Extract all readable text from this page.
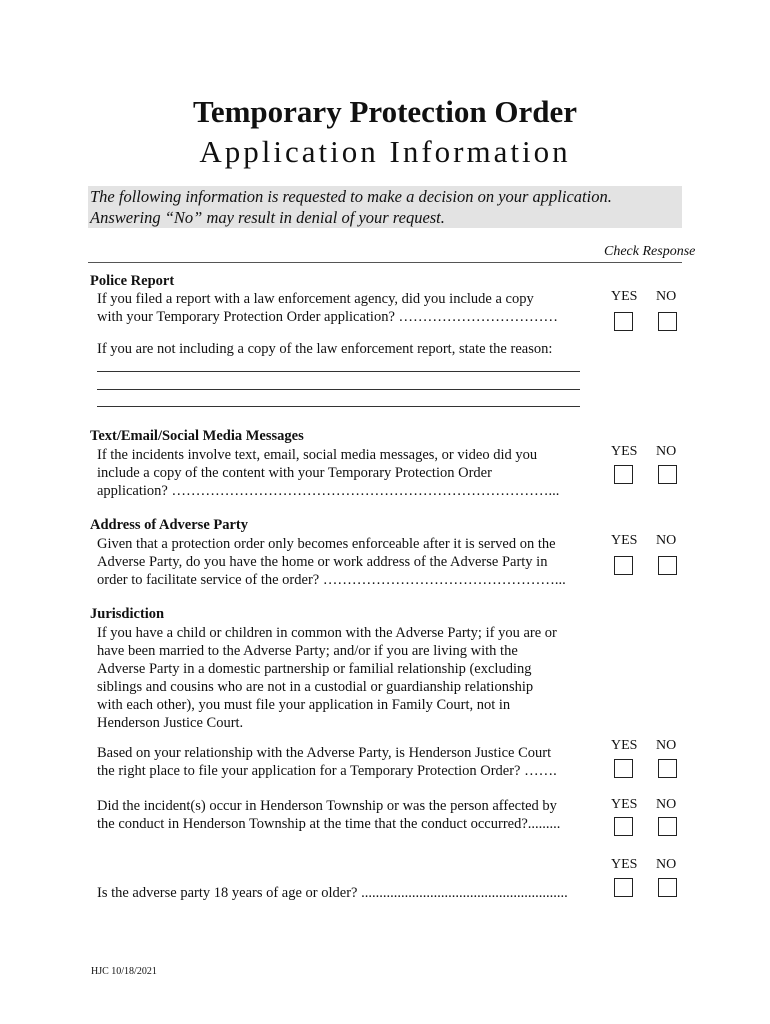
Temporary Protection Order
Application Information
The following information is requested to make a decision on your application.
Answering “No” may result in denial of your request.
Check Response
Police Report
If you filed a report with a law enforcement agency, did you include a copy
with your Temporary Protection Order application? ……………………………
YES NO
If you are not including a copy of the law enforcement report, state the reason:
Text/Email/Social Media Messages
If the incidents involve text, email, social media messages, or video did you
include a copy of the content with your Temporary Protection Order
application? ……………………………………………………………………...
YES NO
Address of Adverse Party
Given that a protection order only becomes enforceable after it is served on the
Adverse Party, do you have the home or work address of the Adverse Party in
order to facilitate service of the order? …………………………………………...
YES NO
Jurisdiction
If you have a child or children in common with the Adverse Party; if you are or
have been married to the Adverse Party; and/or if you are living with the
Adverse Party in a domestic partnership or familial relationship (excluding
siblings and cousins who are not in a custodial or guardianship relationship
with each other), you must file your application in Family Court, not in
Henderson Justice Court.
Based on your relationship with the Adverse Party, is Henderson Justice Court
the right place to file your application for a Temporary Protection Order? …….
YES NO
Did the incident(s) occur in Henderson Township or was the person affected by
the conduct in Henderson Township at the time that the conduct occurred?.........
YES NO
YES NO
Is the adverse party 18 years of age or older? .........................................................
HJC 10/18/2021
